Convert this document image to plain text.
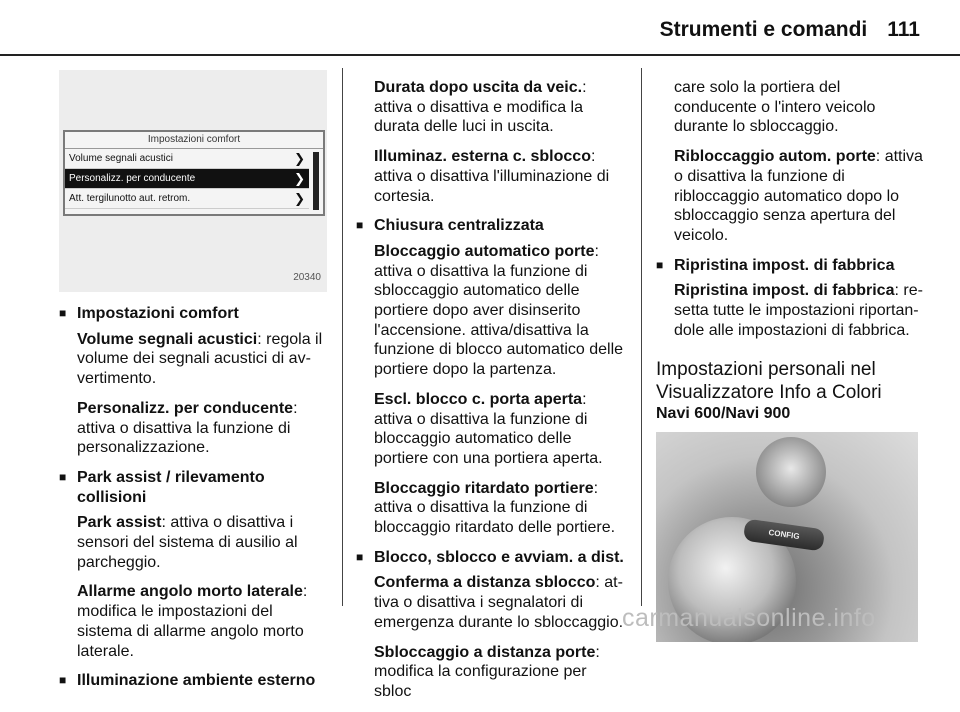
Strumenti e comandi 111
Impostazioni comfort
Volume segnali acustici	❯
Personalizz. per conducente	❯
Att. tergilunotto aut. retrom.	❯
20340
■ Impostazioni comfort

Volume segnali acustici: regola il volume dei segnali acustici di avvertimento.

Personalizz. per conducente: attiva o disattiva la funzione di personalizzazione.

■ Park assist / rilevamento collisioni

Park assist: attiva o disattiva i sensori del sistema di ausilio al parcheggio.

Allarme angolo morto laterale: modifica le impostazioni del sistema di allarme angolo morto laterale.

■ Illuminazione ambiente esterno

Durata dopo uscita da veic.: attiva o disattiva e modifica la durata delle luci in uscita.

Illuminaz. esterna c. sblocco: attiva o disattiva l'illuminazione di cortesia.

■ Chiusura centralizzata

Bloccaggio automatico porte: attiva o disattiva la funzione di sbloccaggio automatico delle portiere dopo aver disinserito l'accensione. attiva/disattiva la funzione di blocco automatico delle portiere dopo la partenza.

Escl. blocco c. porta aperta: attiva o disattiva la funzione di bloccaggio automatico delle portiere con una portiera aperta.

Bloccaggio ritardato portiere: attiva o disattiva la funzione di bloccaggio ritardato delle portiere.

■ Blocco, sblocco e avviam. a dist.

Conferma a distanza sblocco: attiva o disattiva i segnalatori di emergenza durante lo sbloccaggio.

Sbloccaggio a distanza porte: modifica la configurazione per sbloc

care solo la portiera del conducente o l'intero veicolo durante lo sbloccaggio.

Ribloccaggio autom. porte: attiva o disattiva la funzione di ribloccaggio automatico dopo lo sbloccaggio senza apertura del veicolo.

■ Ripristina impost. di fabbrica

Ripristina impost. di fabbrica: resetta tutte le impostazioni riportandole alle impostazioni di fabbrica.

Impostazioni personali nel Visualizzatore Info a Colori
Navi 600/Navi 900
CONFIG
carmanualsonline.info
